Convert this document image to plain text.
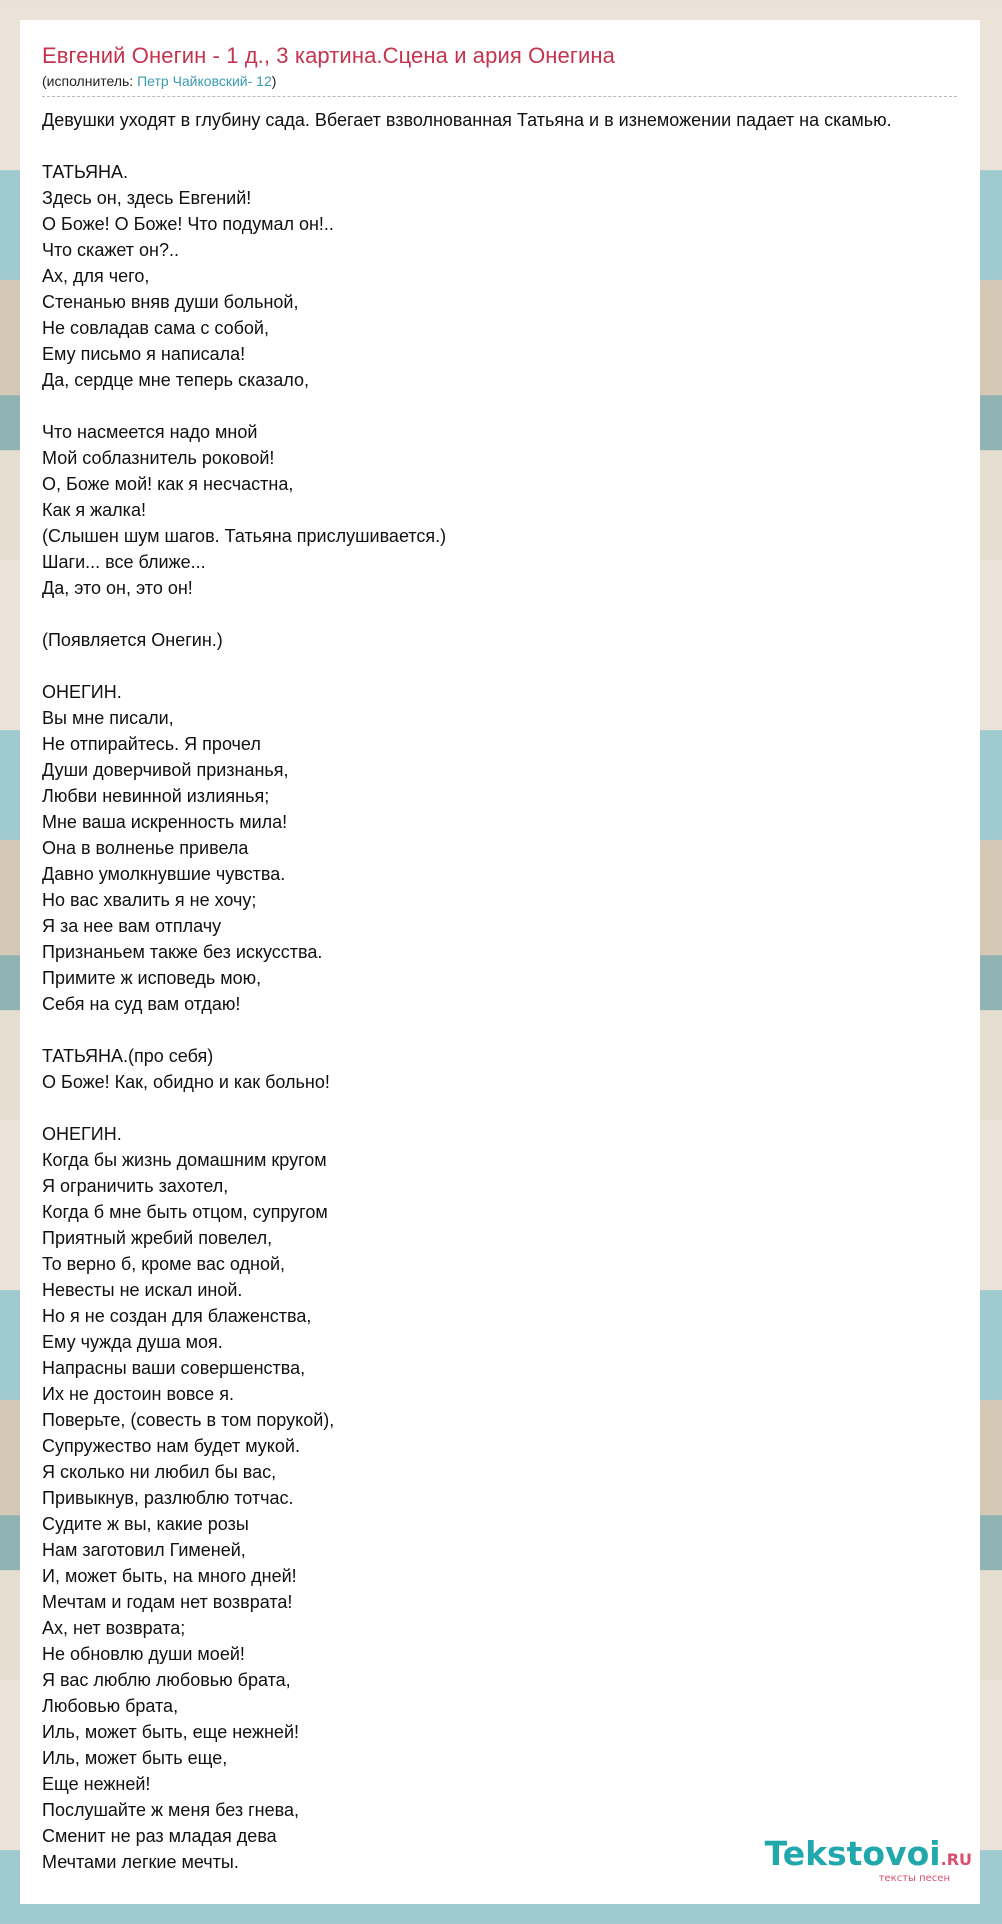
Евгений Онегин - 1 д., 3 картина.Сцена и ария Онегина
(исполнитель: Петр Чайковский- 12)
Девушки уходят в глубину сада. Вбегает взволнованная Татьяна и в изнеможении падает на скамью.

ТАТЬЯНА.
Здесь он, здесь Евгений!
О Боже! О Боже! Что подумал он!..
Что скажет он?..
Ах, для чего,
Стенанью вняв души больной,
Не совладав сама с собой,
Ему письмо я написала!
Да, сердце мне теперь сказало,

Что насмеется надо мной
Мой соблазнитель роковой!
О, Боже мой! как я несчастна,
Как я жалка!
(Слышен шум шагов. Татьяна прислушивается.)
Шаги... все ближе...
Да, это он, это он!

(Появляется Онегин.)

ОНЕГИН.
Вы мне писали,
Не отпирайтесь. Я прочел
Души доверчивой признанья,
Любви невинной излиянья;
Мне ваша искренность мила!
Она в волненье привела
Давно умолкнувшие чувства.
Но вас хвалить я не хочу;
Я за нее вам отплачу
Признаньем также без искусства.
Примите ж исповедь мою,
Себя на суд вам отдаю!

ТАТЬЯНА.(про себя)
О Боже! Как, обидно и как больно!

ОНЕГИН.
Когда бы жизнь домашним кругом
Я ограничить захотел,
Когда б мне быть отцом, супругом
Приятный жребий повелел,
То верно б, кроме вас одной,
Невесты не искал иной.
Но я не создан для блаженства,
Ему чужда душа моя.
Напрасны ваши совершенства,
Их не достоин вовсе я.
Поверьте, (совесть в том порукой),
Супружество нам будет мукой.
Я сколько ни любил бы вас,
Привыкнув, разлюблю тотчас.
Судите ж вы, какие розы
Нам заготовил Гименей,
И, может быть, на много дней!
Мечтам и годам нет возврата!
Ах, нет возврата;
Не обновлю души моей!
Я вас люблю любовью брата,
Любовью брата,
Иль, может быть, еще нежней!
Иль, может быть еще,
Еще нежней!
Послушайте ж меня без гнева,
Сменит не раз младая дева
Мечтами легкие мечты.	Tekstovoi.RU
тексты песен
